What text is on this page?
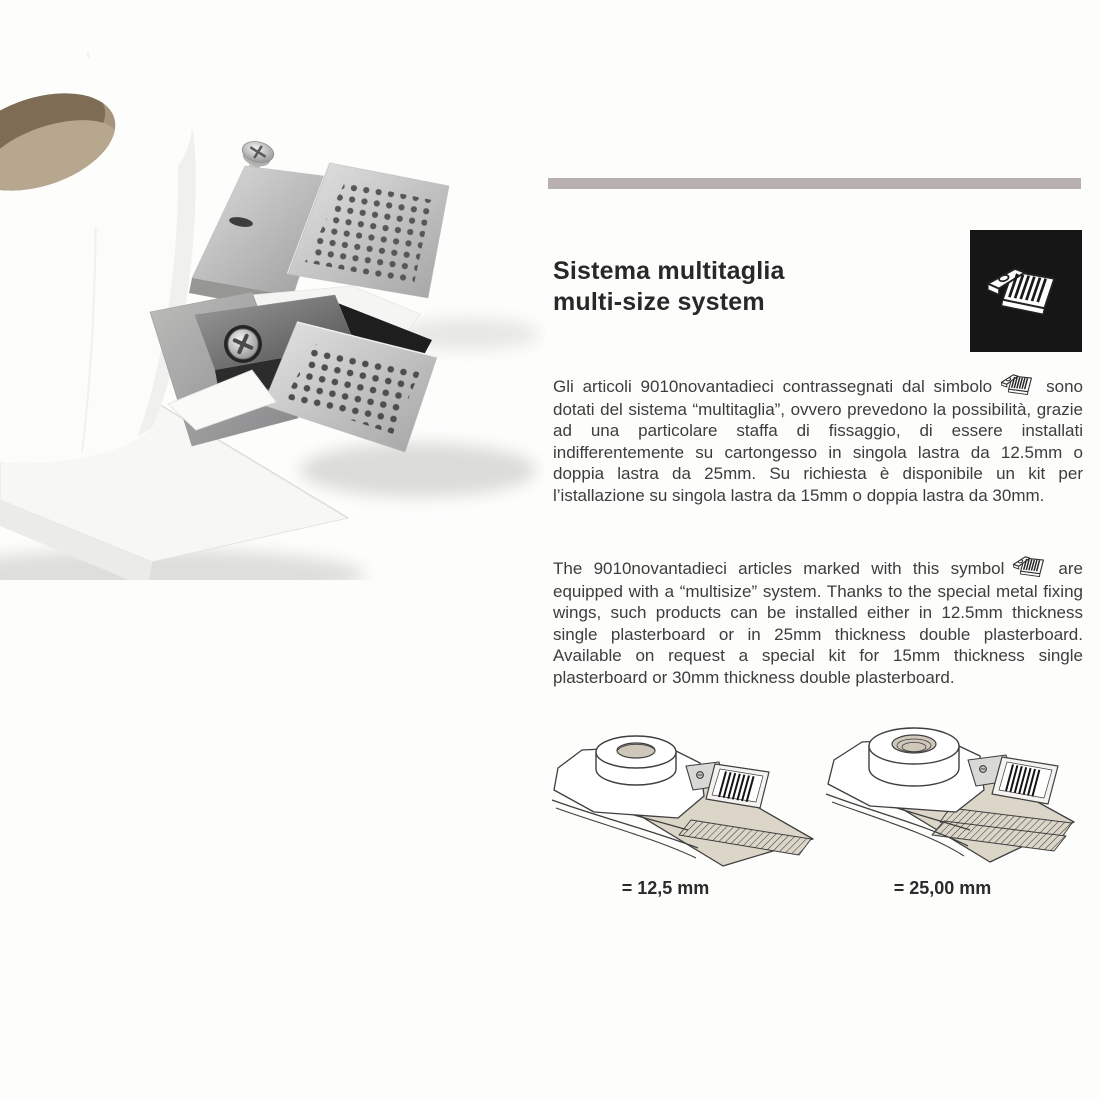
Sistema multitaglia
multi-size system

Gli articoli 9010novantadieci contrassegnati dal simbolo	sono dotati del sistema “multitaglia”, ovvero prevedono la possibilità, grazie ad una particolare staffa di fissaggio, di essere installati indifferentemente su cartongesso in singola lastra da 12.5mm o doppia lastra da 25mm. Su richiesta è disponibile un kit per l’istallazione su singola lastra da 15mm o doppia lastra da 30mm.

The 9010novantadieci articles marked with this symbol	are equipped with a “multisize” system. Thanks to the special metal fixing wings, such products can be installed either in 12.5mm thickness single plasterboard or in 25mm thickness double plasterboard. Available on request a special kit for 15mm thickness single plasterboard or 30mm thickness double plasterboard.

= 12,5 mm	= 25,00 mm
